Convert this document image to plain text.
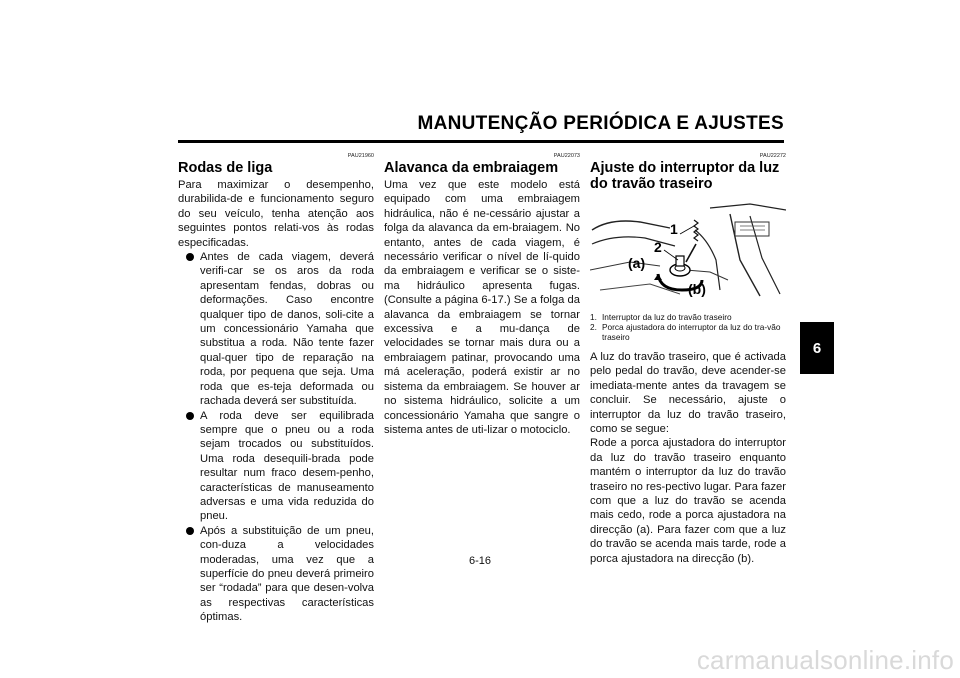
MANUTENÇÃO PERIÓDICA E AJUSTES
6
PAU21960
Rodas de liga

Para maximizar o desempenho, durabilida-de e funcionamento seguro do seu veículo, tenha atenção aos seguintes pontos relati-vos às rodas especificadas.

Antes de cada viagem, deverá verifi-car se os aros da roda apresentam fendas, dobras ou deformações. Caso encontre qualquer tipo de danos, soli-cite a um concessionário Yamaha que substitua a roda. Não tente fazer qual-quer tipo de reparação na roda, por pequena que seja. Uma roda que es-teja deformada ou rachada deverá ser substituída.
A roda deve ser equilibrada sempre que o pneu ou a roda sejam trocados ou substituídos. Uma roda desequili-brada pode resultar num fraco desem-penho, características de manuseamento adversas e uma vida reduzida do pneu.
Após a substituição de um pneu, con-duza a velocidades moderadas, uma vez que a superfície do pneu deverá primeiro ser “rodada” para que desen-volva as respectivas características óptimas.
PAU22073
Alavanca da embraiagem

Uma vez que este modelo está equipado com uma embraiagem hidráulica, não é ne-cessário ajustar a folga da alavanca da em-braiagem. No entanto, antes de cada viagem, é necessário verificar o nível de lí-quido da embraiagem e verificar se o siste-ma hidráulico apresenta fugas. (Consulte a página 6-17.) Se a folga da alavanca da embraiagem se tornar excessiva e a mu-dança de velocidades se tornar mais dura ou a embraiagem patinar, provocando uma má aceleração, poderá existir ar no sistema da embraiagem. Se houver ar no sistema hidráulico, solicite a um concessionário Yamaha que sangre o sistema antes de uti-lizar o motociclo.

PAU22272
Ajuste do interruptor da luz do travão traseiro
1
2
(a)
(b)
1. Interruptor da luz do travão traseiro
2. Porca ajustadora do interruptor da luz do tra-vão traseiro

A luz do travão traseiro, que é activada pelo pedal do travão, deve acender-se imediata-mente antes da travagem se concluir. Se necessário, ajuste o interruptor da luz do travão traseiro, como se segue:

Rode a porca ajustadora do interruptor da luz do travão traseiro enquanto mantém o interruptor da luz do travão traseiro no res-pectivo lugar. Para fazer com que a luz do travão se acenda mais cedo, rode a porca ajustadora na direcção (a). Para fazer com que a luz do travão se acenda mais tarde, rode a porca ajustadora na direcção (b).

6-16
carmanualsonline.info
